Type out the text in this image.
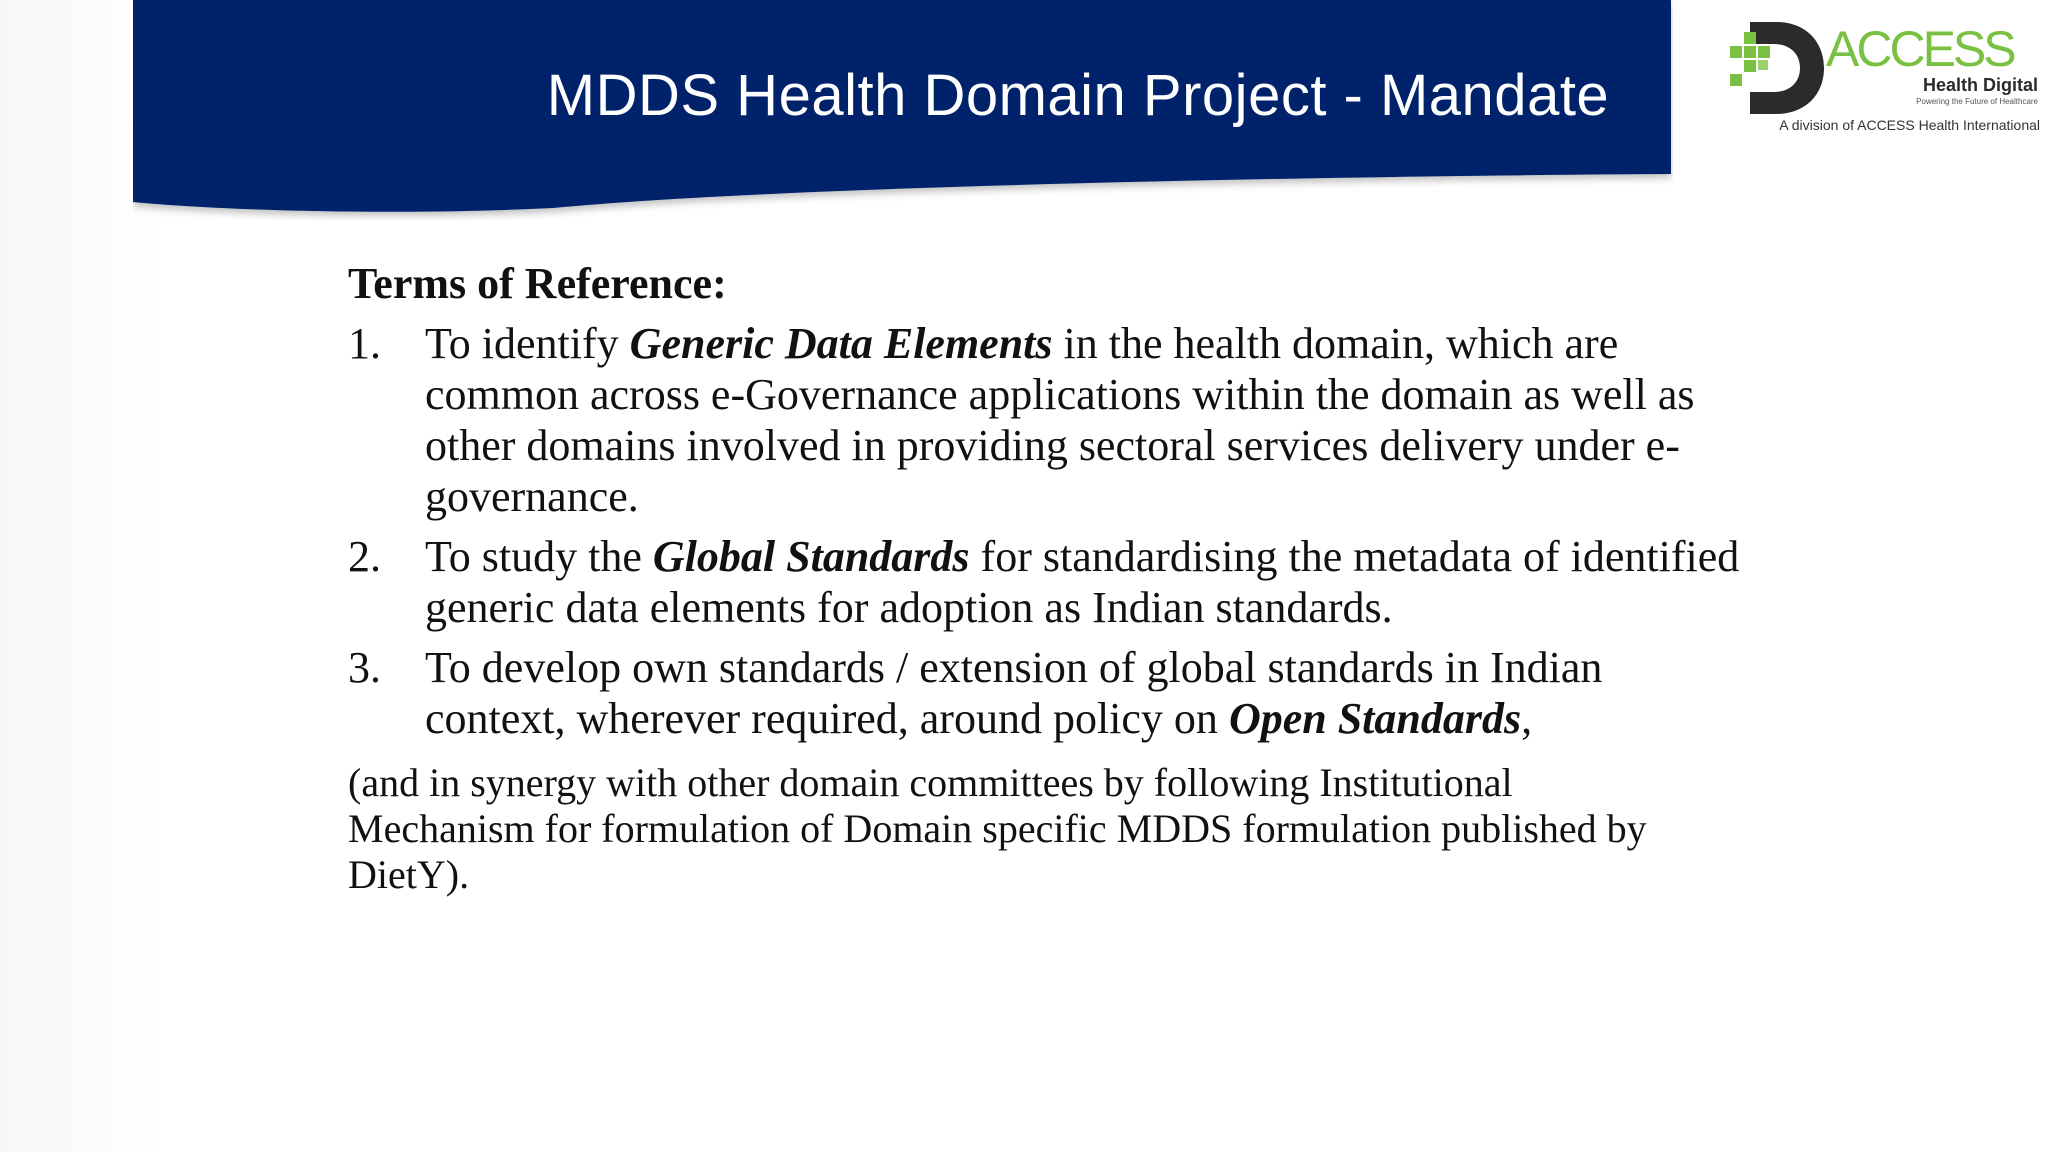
MDDS Health Domain Project - Mandate
ACCESS
Health Digital
Powering the Future of Healthcare
A division of ACCESS Health International
Terms of Reference:
1. To identify Generic Data Elements in the health domain, which are common across e-Governance applications within the domain as well as other domains involved in providing sectoral services delivery under e-governance.
2. To study the Global Standards for standardising the metadata of identified generic data elements for adoption as Indian standards.
3. To develop own standards / extension of global standards in Indian context, wherever required, around policy on Open Standards,
(and in synergy with other domain committees by following Institutional Mechanism for formulation of Domain specific MDDS formulation published by DietY).
